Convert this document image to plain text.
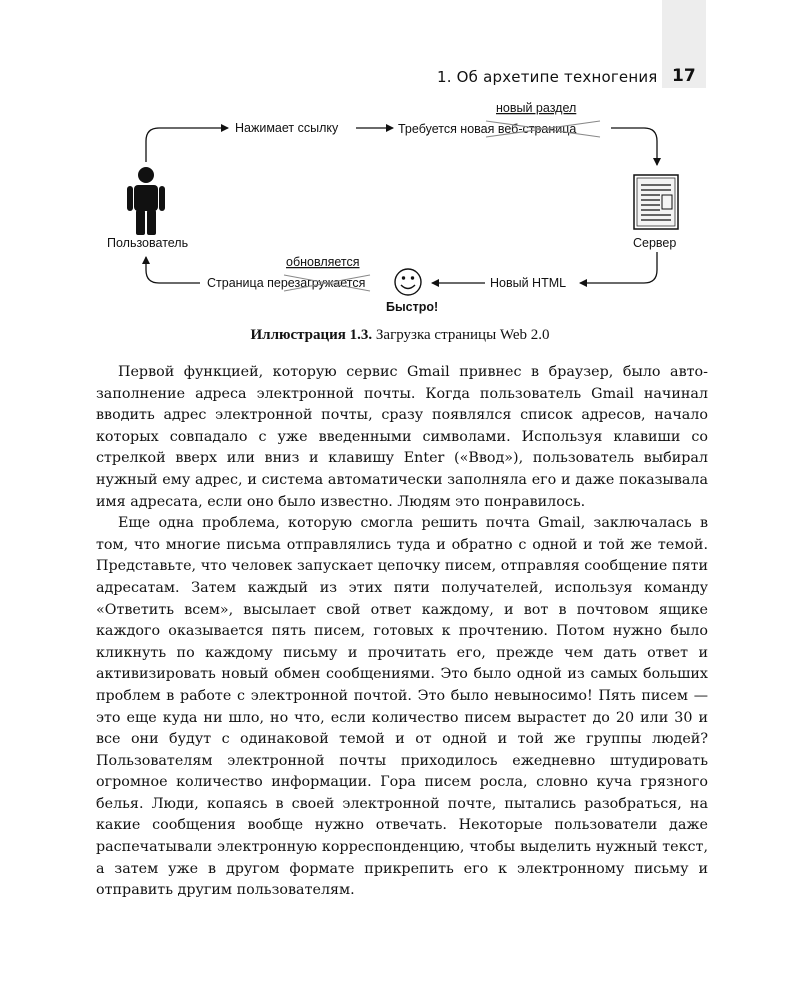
1. Об архетипе техногения 17
Пользователь	Сервер
Нажимает ссылку	Требуется новая веб-страница
новый раздел
Новый HTML
Быстро!
Страница перезагружается
обновляется
Иллюстрация 1.3. Загрузка страницы Web 2.0

Первой функцией, которую сервис Gmail привнес в браузер, было автозаполнение адреса электронной почты. Когда пользователь Gmail начинал вводить адрес электронной почты, сразу появлялся список адресов, начало которых совпадало с уже введенными символами. Используя клавиши со стрелкой вверх или вниз и клавишу Enter («Ввод»), пользователь выбирал нужный ему адрес, и система автоматически заполняла его и даже показывала имя адресата, если оно было известно. Людям это понравилось.

Еще одна проблема, которую смогла решить почта Gmail, заключалась в том, что многие письма отправлялись туда и обратно с одной и той же темой. Представьте, что человек запускает цепочку писем, отправляя сообщение пяти адресатам. Затем каждый из этих пяти получателей, используя команду «Ответить всем», высылает свой ответ каждому, и вот в почтовом ящике каждого оказывается пять писем, готовых к прочтению. Потом нужно было кликнуть по каждому письму и прочитать его, прежде чем дать ответ и активизировать новый обмен сообщениями. Это было одной из самых больших проблем в работе с электронной почтой. Это было невыносимо! Пять писем — это еще куда ни шло, но что, если количество писем вырастет до 20 или 30 и все они будут с одинаковой темой и от одной и той же группы людей? Пользователям электронной почты приходилось ежедневно штудировать огромное количество информации. Гора писем росла, словно куча грязного белья. Люди, копаясь в своей электронной почте, пытались разобраться, на какие сообщения вообще нужно отвечать. Некоторые пользователи даже распечатывали электронную корреспонденцию, чтобы выделить нужный текст, а затем уже в другом формате прикрепить его к электронному письму и отправить другим пользователям.
